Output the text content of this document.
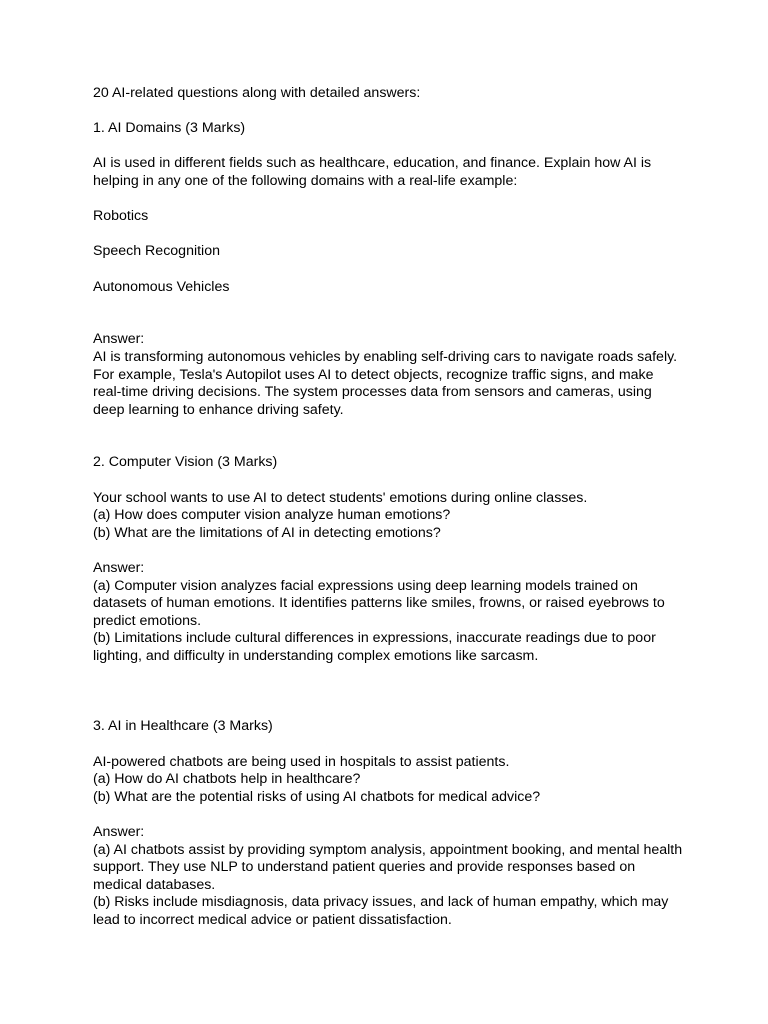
20 AI-related questions along with detailed answers:

1. AI Domains (3 Marks)

AI is used in different fields such as healthcare, education, and finance. Explain how AI is helping in any one of the following domains with a real-life example:

Robotics

Speech Recognition

Autonomous Vehicles

Answer:

AI is transforming autonomous vehicles by enabling self-driving cars to navigate roads safely. For example, Tesla's Autopilot uses AI to detect objects, recognize traffic signs, and make real-time driving decisions. The system processes data from sensors and cameras, using deep learning to enhance driving safety.

2. Computer Vision (3 Marks)

Your school wants to use AI to detect students' emotions during online classes.

(a) How does computer vision analyze human emotions?

(b) What are the limitations of AI in detecting emotions?

Answer:

(a) Computer vision analyzes facial expressions using deep learning models trained on datasets of human emotions. It identifies patterns like smiles, frowns, or raised eyebrows to predict emotions.

(b) Limitations include cultural differences in expressions, inaccurate readings due to poor lighting, and difficulty in understanding complex emotions like sarcasm.

3. AI in Healthcare (3 Marks)

AI-powered chatbots are being used in hospitals to assist patients.

(a) How do AI chatbots help in healthcare?

(b) What are the potential risks of using AI chatbots for medical advice?

Answer:

(a) AI chatbots assist by providing symptom analysis, appointment booking, and mental health support. They use NLP to understand patient queries and provide responses based on medical databases.

(b) Risks include misdiagnosis, data privacy issues, and lack of human empathy, which may lead to incorrect medical advice or patient dissatisfaction.
